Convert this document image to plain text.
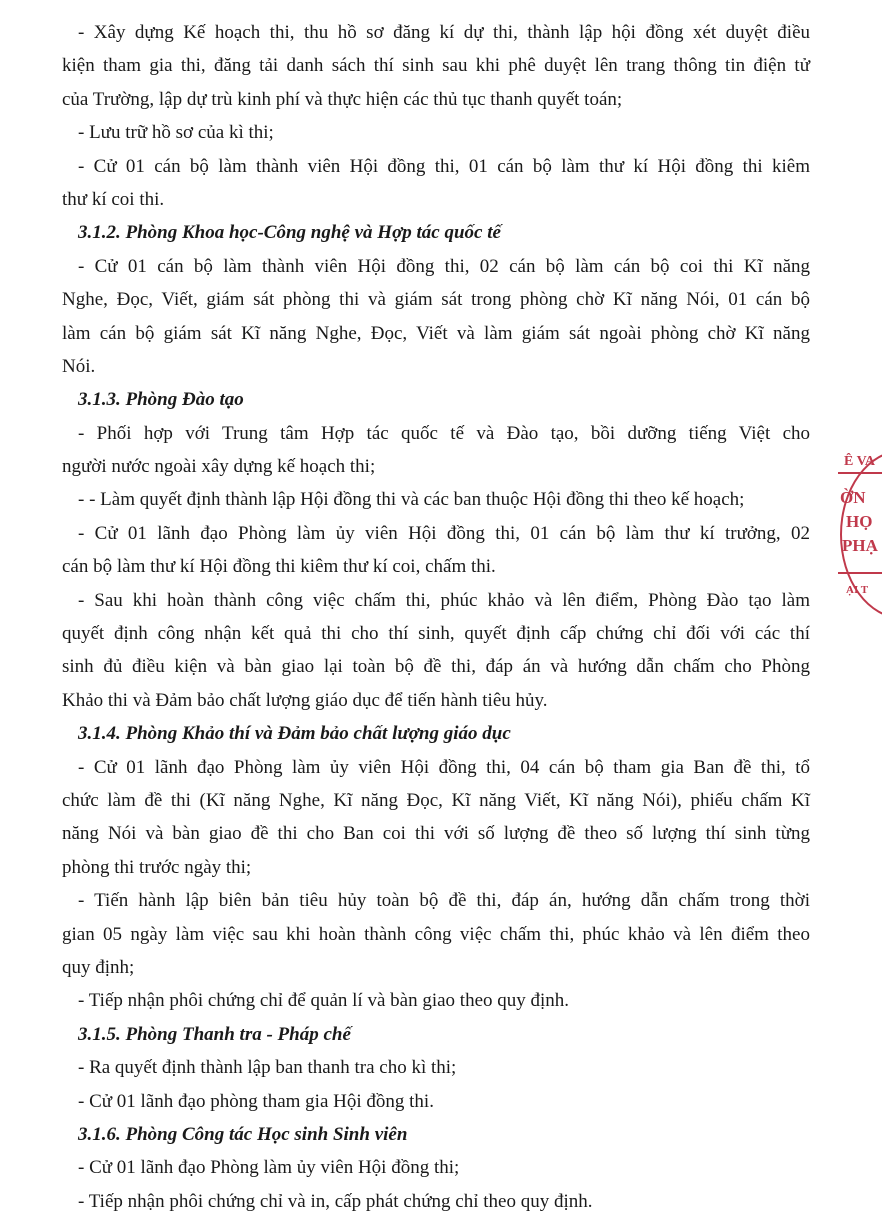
- Xây dựng Kế hoạch thi, thu hồ sơ đăng kí dự thi, thành lập hội đồng xét duyệt điều
kiện tham gia thi, đăng tải danh sách thí sinh sau khi phê duyệt lên trang thông tin điện tử
của Trường, lập dự trù kinh phí và thực hiện các thủ tục thanh quyết toán;
- Lưu trữ hồ sơ của kì thi;
- Cử 01 cán bộ làm thành viên Hội đồng thi, 01 cán bộ làm thư kí Hội đồng thi kiêm
thư kí coi thi.
3.1.2. Phòng Khoa học-Công nghệ và Hợp tác quốc tế
- Cử 01 cán bộ làm thành viên Hội đồng thi, 02 cán bộ làm cán bộ coi thi Kĩ năng
Nghe, Đọc, Viết, giám sát phòng thi và giám sát trong phòng chờ Kĩ năng Nói, 01 cán bộ
làm cán bộ giám sát Kĩ năng Nghe, Đọc, Viết và làm giám sát ngoài phòng chờ Kĩ năng
Nói.
3.1.3. Phòng Đào tạo
- Phối hợp với Trung tâm Hợp tác quốc tế và Đào tạo, bồi dưỡng tiếng Việt cho
người nước ngoài xây dựng kế hoạch thi;
- - Làm quyết định thành lập Hội đồng thi và các ban thuộc Hội đồng thi theo kế hoạch;
- Cử 01 lãnh đạo Phòng làm ủy viên Hội đồng thi, 01 cán bộ làm thư kí trưởng, 02
cán bộ làm thư kí Hội đồng thi kiêm thư kí coi, chấm thi.
- Sau khi hoàn thành công việc chấm thi, phúc khảo và lên điểm, Phòng Đào tạo làm
quyết định công nhận kết quả thi cho thí sinh, quyết định cấp chứng chỉ đối với các thí
sinh đủ điều kiện và bàn giao lại toàn bộ đề thi, đáp án và hướng dẫn chấm cho Phòng
Khảo thi và Đảm bảo chất lượng giáo dục để tiến hành tiêu hủy.
3.1.4. Phòng Khảo thí và Đảm bảo chất lượng giáo dục
- Cử 01 lãnh đạo Phòng làm ủy viên Hội đồng thi, 04 cán bộ tham gia Ban đề thi, tổ
chức làm đề thi (Kĩ năng Nghe, Kĩ năng Đọc, Kĩ năng Viết, Kĩ năng Nói), phiếu chấm Kĩ
năng Nói và bàn giao đề thi cho Ban coi thi với số lượng đề theo số lượng thí sinh từng
phòng thi trước ngày thi;
- Tiến hành lập biên bản tiêu hủy toàn bộ đề thi, đáp án, hướng dẫn chấm trong thời
gian 05 ngày làm việc sau khi hoàn thành công việc chấm thi, phúc khảo và lên điểm theo
quy định;
- Tiếp nhận phôi chứng chỉ để quản lí và bàn giao theo quy định.
3.1.5. Phòng Thanh tra - Pháp chế
- Ra quyết định thành lập ban thanh tra cho kì thi;
- Cử 01 lãnh đạo phòng tham gia Hội đồng thi.
3.1.6. Phòng Công tác Học sinh Sinh viên
- Cử 01 lãnh đạo Phòng làm ủy viên Hội đồng thi;
- Tiếp nhận phôi chứng chỉ và in, cấp phát chứng chỉ theo quy định.
Ê VA
ỜN
HỌ
PHẠ
ẠI T
